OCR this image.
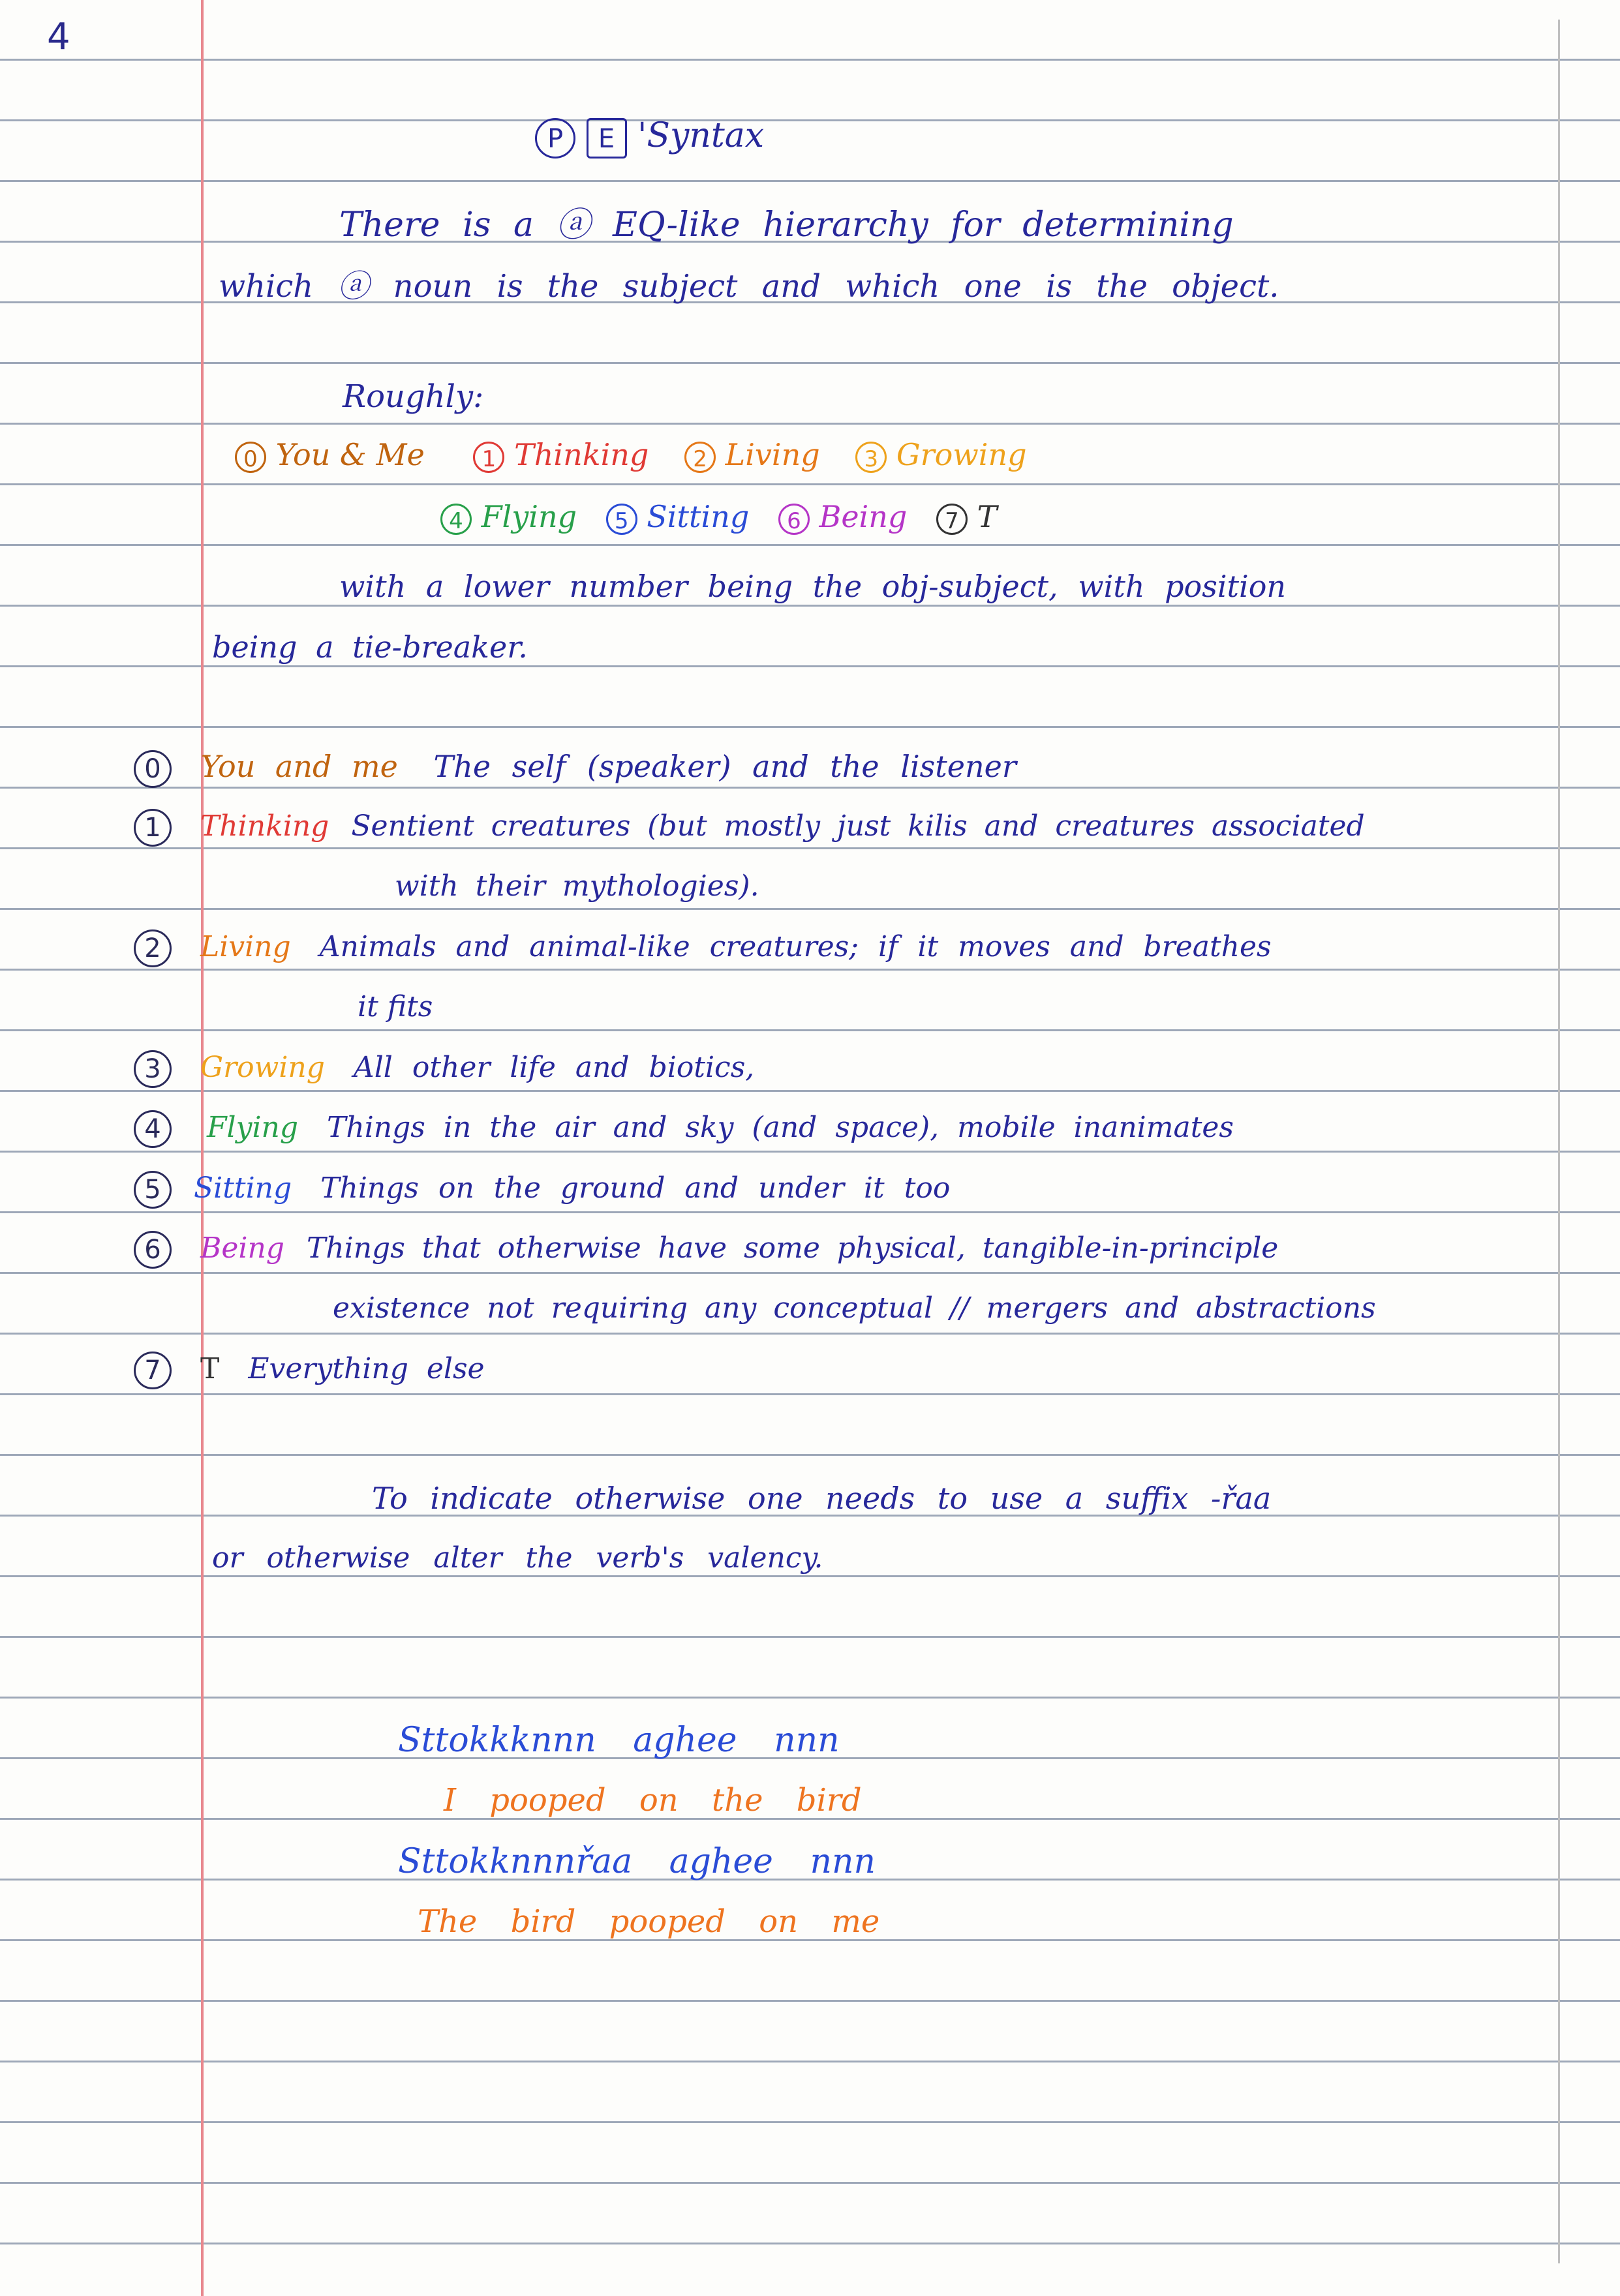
4
P E 'Syntax
There is a ⓐ EQ-like hierarchy for determining
which ⓐ noun is the subject and which one is the object.
Roughly:
0 You & Me	1 Thinking 2 Living 3 Growing
4 Flying 5 Sitting 6 Being 7 T
with a lower number being the obj-subject, with position
being a tie-breaker.
0 You and me The self (speaker) and the listener
1 Thinking Sentient creatures (but mostly just kilis and creatures associated
with their mythologies).
2 Living Animals and animal-like creatures; if it moves and breathes
it fits
3 Growing All other life and biotics,
4 Flying Things in the air and sky (and space), mobile inanimates
5 Sitting Things on the ground and under it too
6 Being Things that otherwise have some physical, tangible-in-principle
existence not requiring any conceptual // mergers and abstractions
7 T Everything else
To indicate otherwise one needs to use a suffix -řaa
or otherwise alter the verb's valency.
Sttokkknnn aghee nnn
I pooped on the bird
Sttokknnnřaa aghee nnn
The bird pooped on me
